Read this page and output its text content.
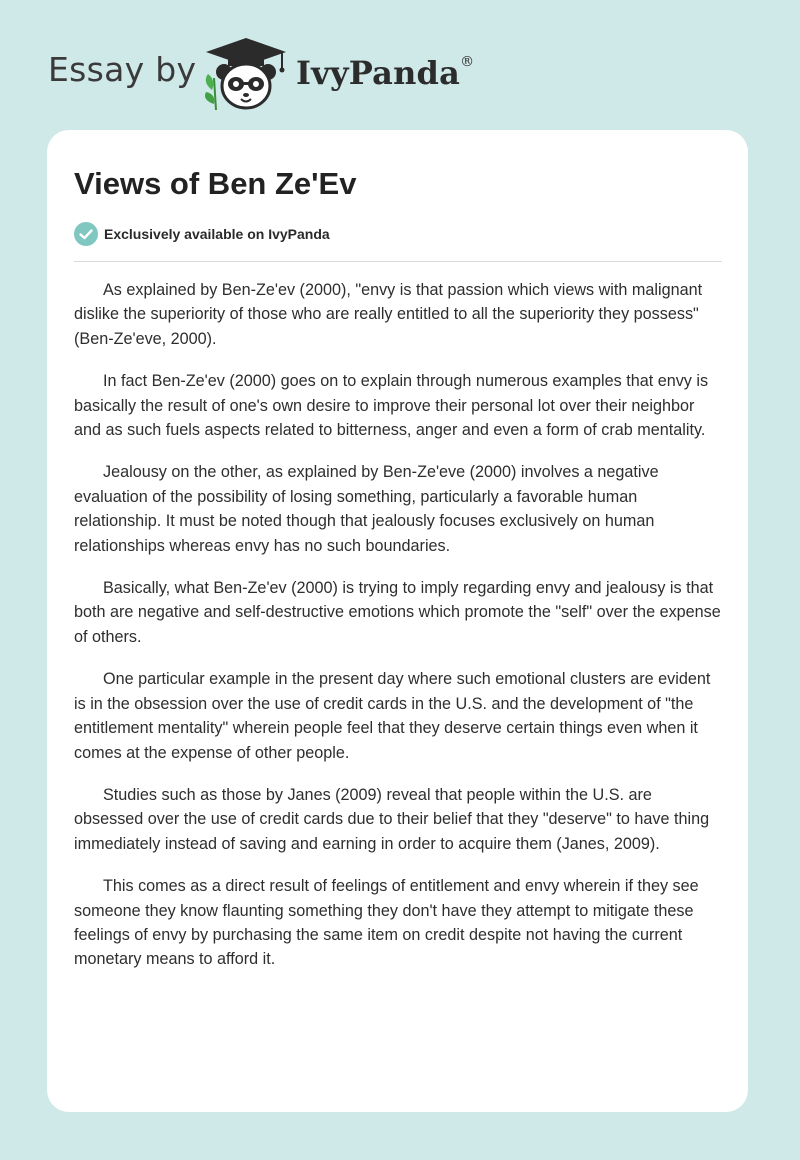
Essay by	IvyPanda®
Views of Ben Ze'Ev
Exclusively available on IvyPanda

As explained by Ben-Ze'ev (2000), "envy is that passion which views with malignant dislike the superiority of those who are really entitled to all the superiority they possess" (Ben-Ze'eve, 2000).

In fact Ben-Ze'ev (2000) goes on to explain through numerous examples that envy is basically the result of one's own desire to improve their personal lot over their neighbor and as such fuels aspects related to bitterness, anger and even a form of crab mentality.

Jealousy on the other, as explained by Ben-Ze'eve (2000) involves a negative evaluation of the possibility of losing something, particularly a favorable human relationship. It must be noted though that jealously focuses exclusively on human relationships whereas envy has no such boundaries.

Basically, what Ben-Ze'ev (2000) is trying to imply regarding envy and jealousy is that both are negative and self-destructive emotions which promote the "self" over the expense of others.

One particular example in the present day where such emotional clusters are evident is in the obsession over the use of credit cards in the U.S. and the development of "the entitlement mentality" wherein people feel that they deserve certain things even when it comes at the expense of other people.

Studies such as those by Janes (2009) reveal that people within the U.S. are obsessed over the use of credit cards due to their belief that they "deserve" to have thing immediately instead of saving and earning in order to acquire them (Janes, 2009).

This comes as a direct result of feelings of entitlement and envy wherein if they see someone they know flaunting something they don't have they attempt to mitigate these feelings of envy by purchasing the same item on credit despite not having the current monetary means to afford it.
